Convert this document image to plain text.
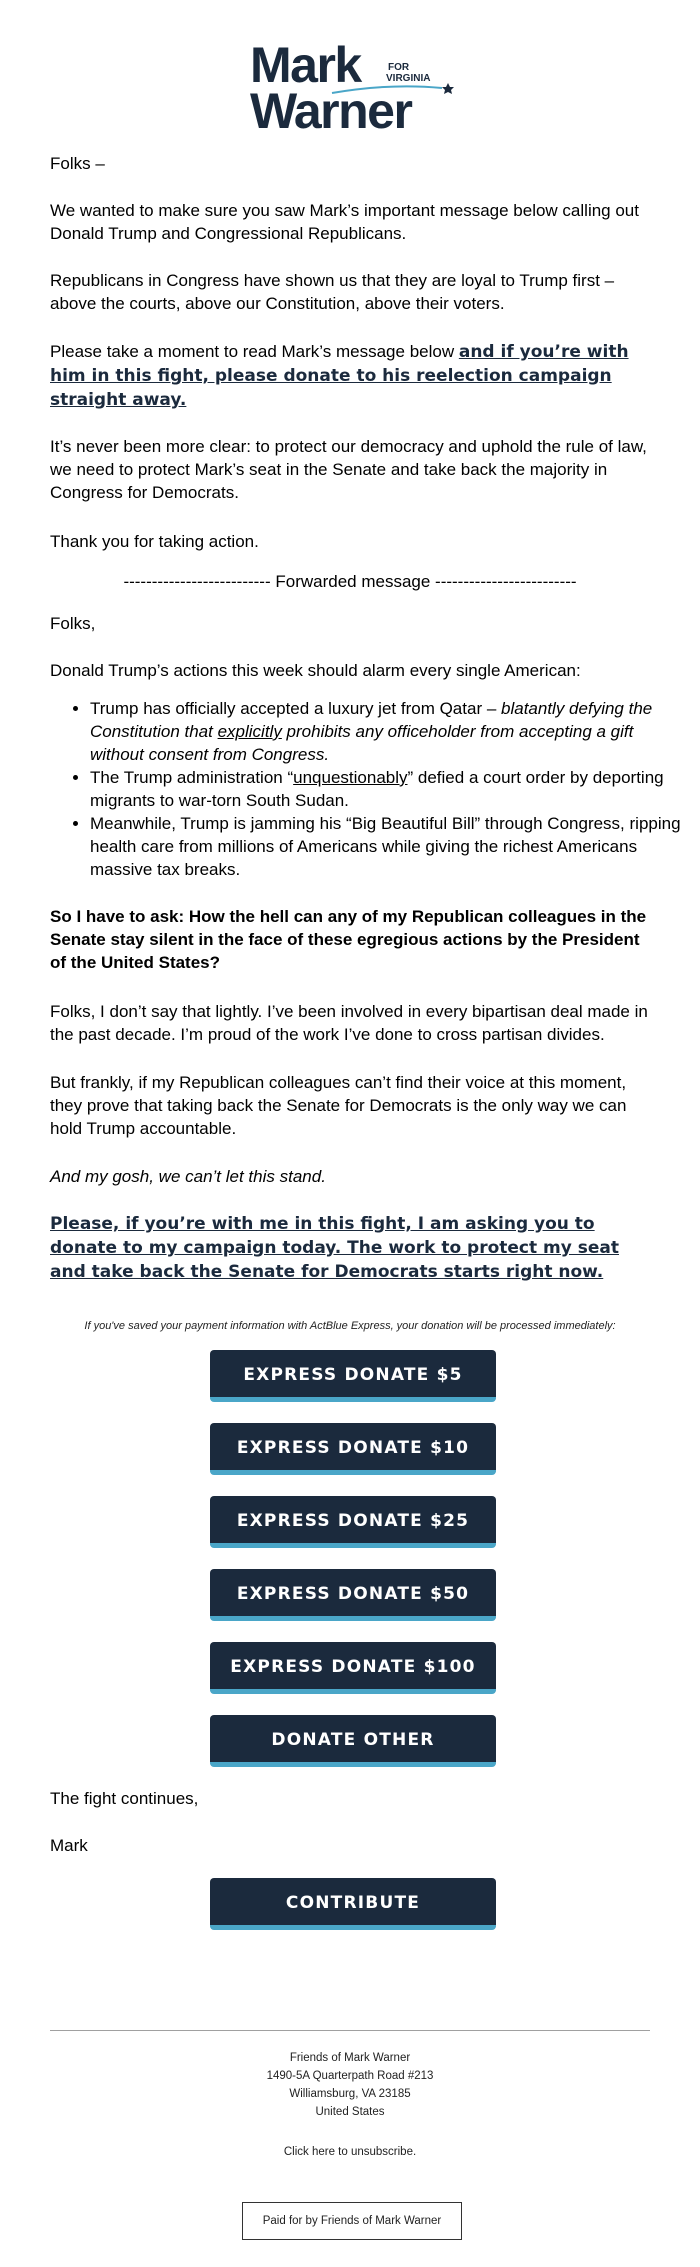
Mark	FOR
VIRGINIA
Warner

Folks –

We wanted to make sure you saw Mark’s important message below calling out Donald Trump and Congressional Republicans.

Republicans in Congress have shown us that they are loyal to Trump first – above the courts, above our Constitution, above their voters.

Please take a moment to read Mark’s message below and if you’re with him in this fight, please donate to his reelection campaign straight away.

It’s never been more clear: to protect our democracy and uphold the rule of law, we need to protect Mark’s seat in the Senate and take back the majority in Congress for Democrats.

Thank you for taking action.

-------------------------- Forwarded message -------------------------

Folks,

Donald Trump’s actions this week should alarm every single American:

• Trump has officially accepted a luxury jet from Qatar – blatantly defying the Constitution that explicitly prohibits any officeholder from accepting a gift without consent from Congress.
• The Trump administration “unquestionably” defied a court order by deporting migrants to war-torn South Sudan.
• Meanwhile, Trump is jamming his “Big Beautiful Bill” through Congress, ripping health care from millions of Americans while giving the richest Americans massive tax breaks.

So I have to ask: How the hell can any of my Republican colleagues in the Senate stay silent in the face of these egregious actions by the President of the United States?

Folks, I don’t say that lightly. I’ve been involved in every bipartisan deal made in the past decade. I’m proud of the work I’ve done to cross partisan divides.

But frankly, if my Republican colleagues can’t find their voice at this moment, they prove that taking back the Senate for Democrats is the only way we can hold Trump accountable.

And my gosh, we can’t let this stand.

Please, if you’re with me in this fight, I am asking you to donate to my campaign today. The work to protect my seat and take back the Senate for Democrats starts right now.

If you've saved your payment information with ActBlue Express, your donation will be processed immediately:
EXPRESS DONATE $5
EXPRESS DONATE $10
EXPRESS DONATE $25
EXPRESS DONATE $50
EXPRESS DONATE $100
DONATE OTHER

The fight continues,

Mark

CONTRIBUTE
Friends of Mark Warner
1490-5A Quarterpath Road #213
Williamsburg, VA 23185
United States
Click here to unsubscribe.
Paid for by Friends of Mark Warner
